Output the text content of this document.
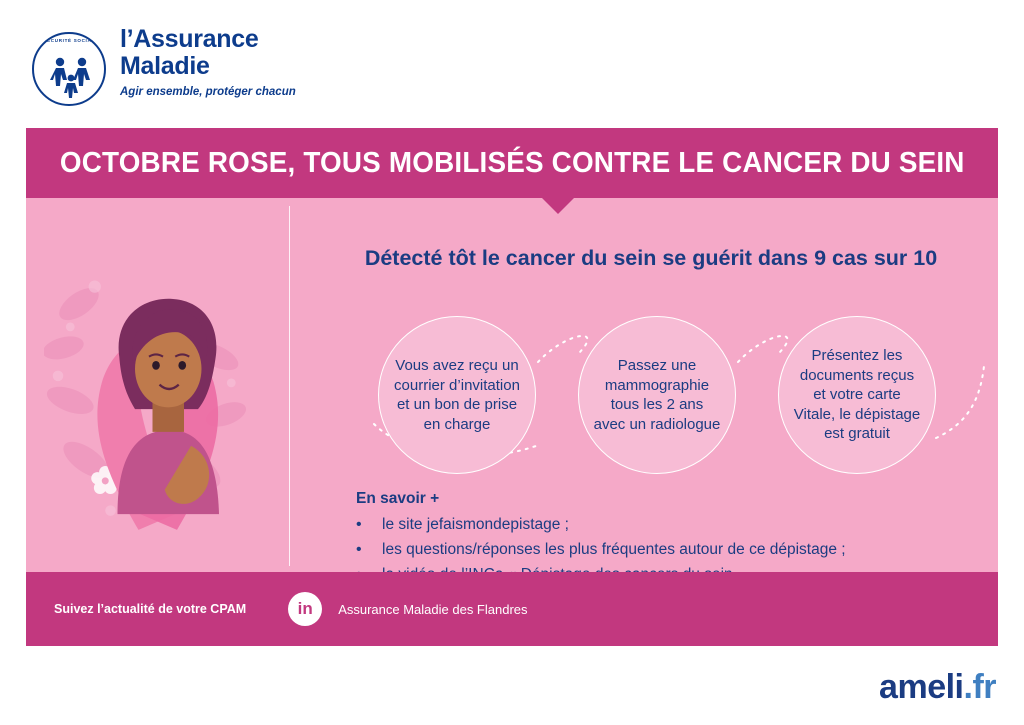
SÉCURITÉ SOCIALE l’Assurance
Maladie
Agir ensemble, protéger chacun
OCTOBRE ROSE, TOUS MOBILISÉS CONTRE LE CANCER DU SEIN
Détecté tôt le cancer du sein se guérit dans 9 cas sur 10
Vous avez reçu un courrier d’invitation et un bon de prise en charge
Passez une mammographie tous les 2 ans avec un radiologue
Présentez les documents reçus et votre carte Vitale, le dépistage est gratuit
En savoir +
•	le site jefaismondepistage ;
•	les questions/réponses les plus fréquentes autour de ce dépistage ;
Suivez l’actualité de votre CPAM	in Assurance Maladie des Flandres
ameli.fr
